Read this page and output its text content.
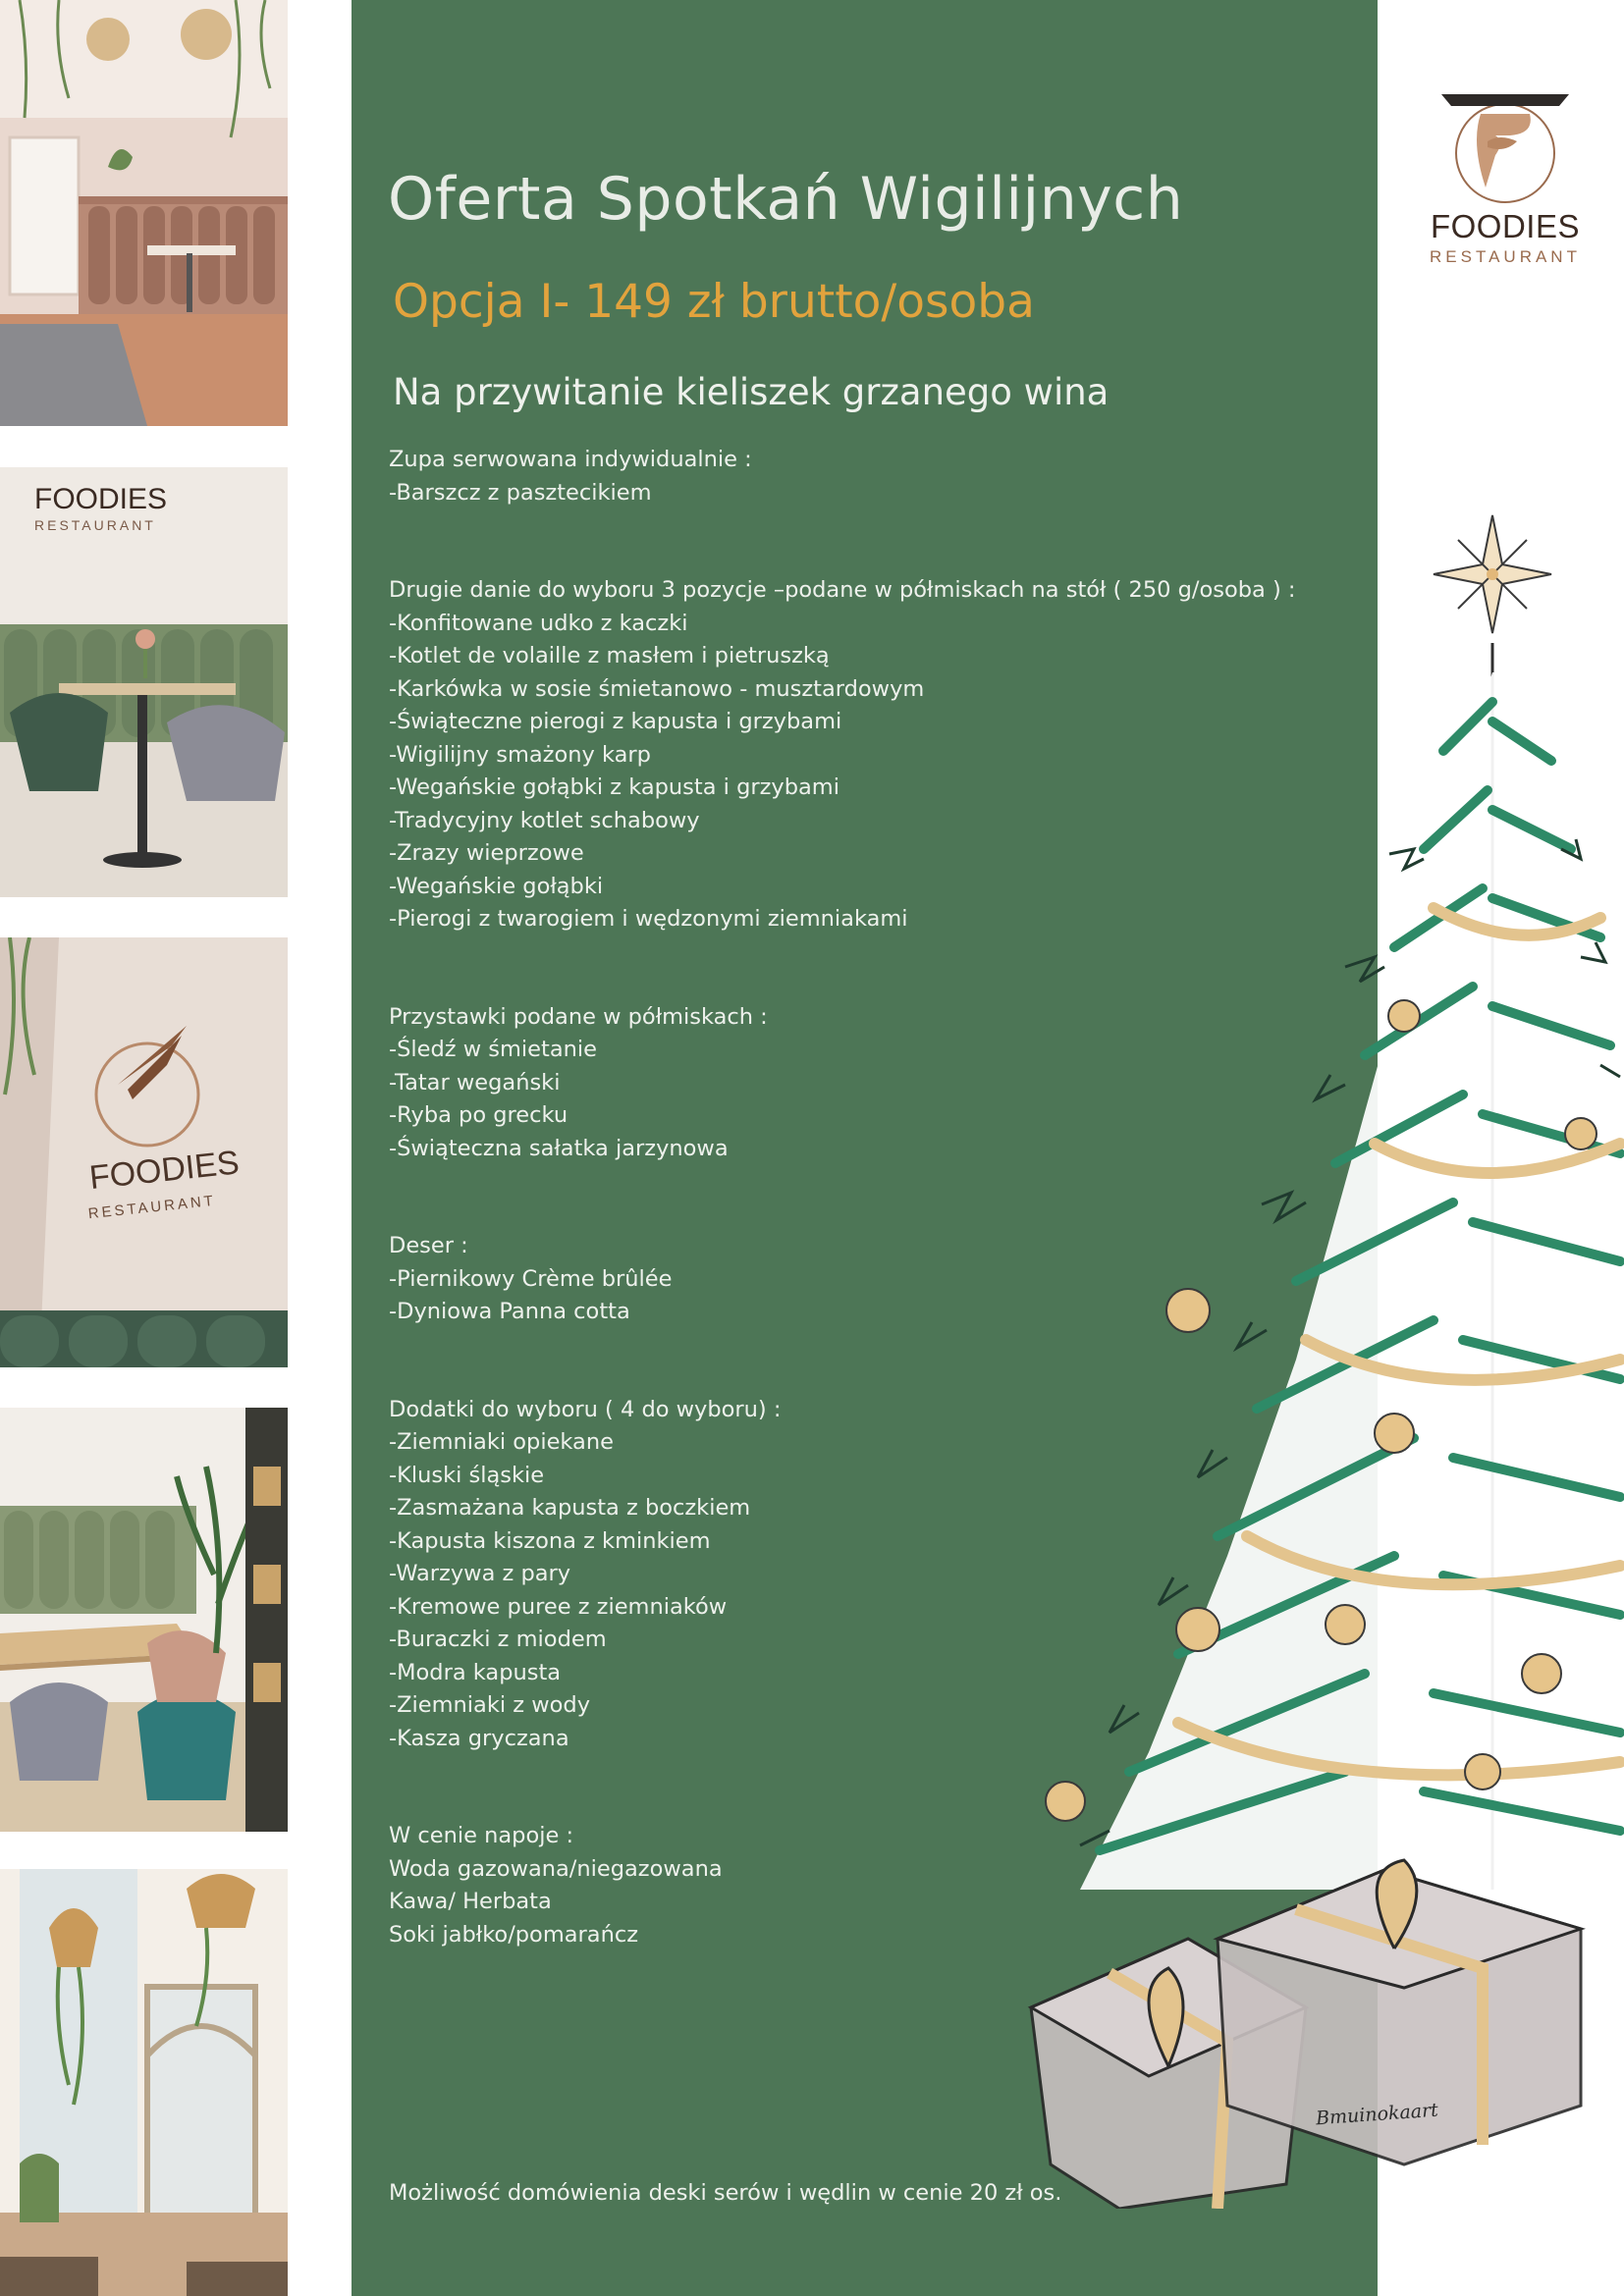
FOODIES
RESTAURANT
FOODIES
RESTAURANT
Oferta Spotkań Wigilijnych
Opcja I- 149 zł brutto/osoba
Na przywitanie kieliszek grzanego wina
Zupa serwowana indywidualnie :
-Barszcz z pasztecikiem
Drugie danie do wyboru 3 pozycje –podane w półmiskach na stół ( 250 g/osoba ) :
-Konfitowane udko z kaczki
-Kotlet de volaille z masłem i pietruszką
-Karkówka w sosie śmietanowo - musztardowym
-Świąteczne pierogi z kapusta i grzybami
-Wigilijny smażony karp
-Wegańskie gołąbki z kapusta i grzybami
-Tradycyjny kotlet schabowy
-Zrazy wieprzowe
-Wegańskie gołąbki
-Pierogi z twarogiem i wędzonymi ziemniakami
Przystawki podane w półmiskach :
-Śledź w śmietanie
-Tatar wegański
-Ryba po grecku
-Świąteczna sałatka jarzynowa
Deser :
-Piernikowy Crème brûlée
-Dyniowa Panna cotta
Dodatki do wyboru ( 4 do wyboru) :
-Ziemniaki opiekane
-Kluski śląskie
-Zasmażana kapusta z boczkiem
-Kapusta kiszona z kminkiem
-Warzywa z pary
-Kremowe puree z ziemniaków
-Buraczki z miodem
-Modra kapusta
-Ziemniaki z wody
-Kasza gryczana
W cenie napoje :
Woda gazowana/niegazowana
Kawa/ Herbata
Soki jabłko/pomarańcz
Możliwość domówienia deski serów i wędlin w cenie 20 zł os.
Bmuinokaart
FOODIES
RESTAURANT
